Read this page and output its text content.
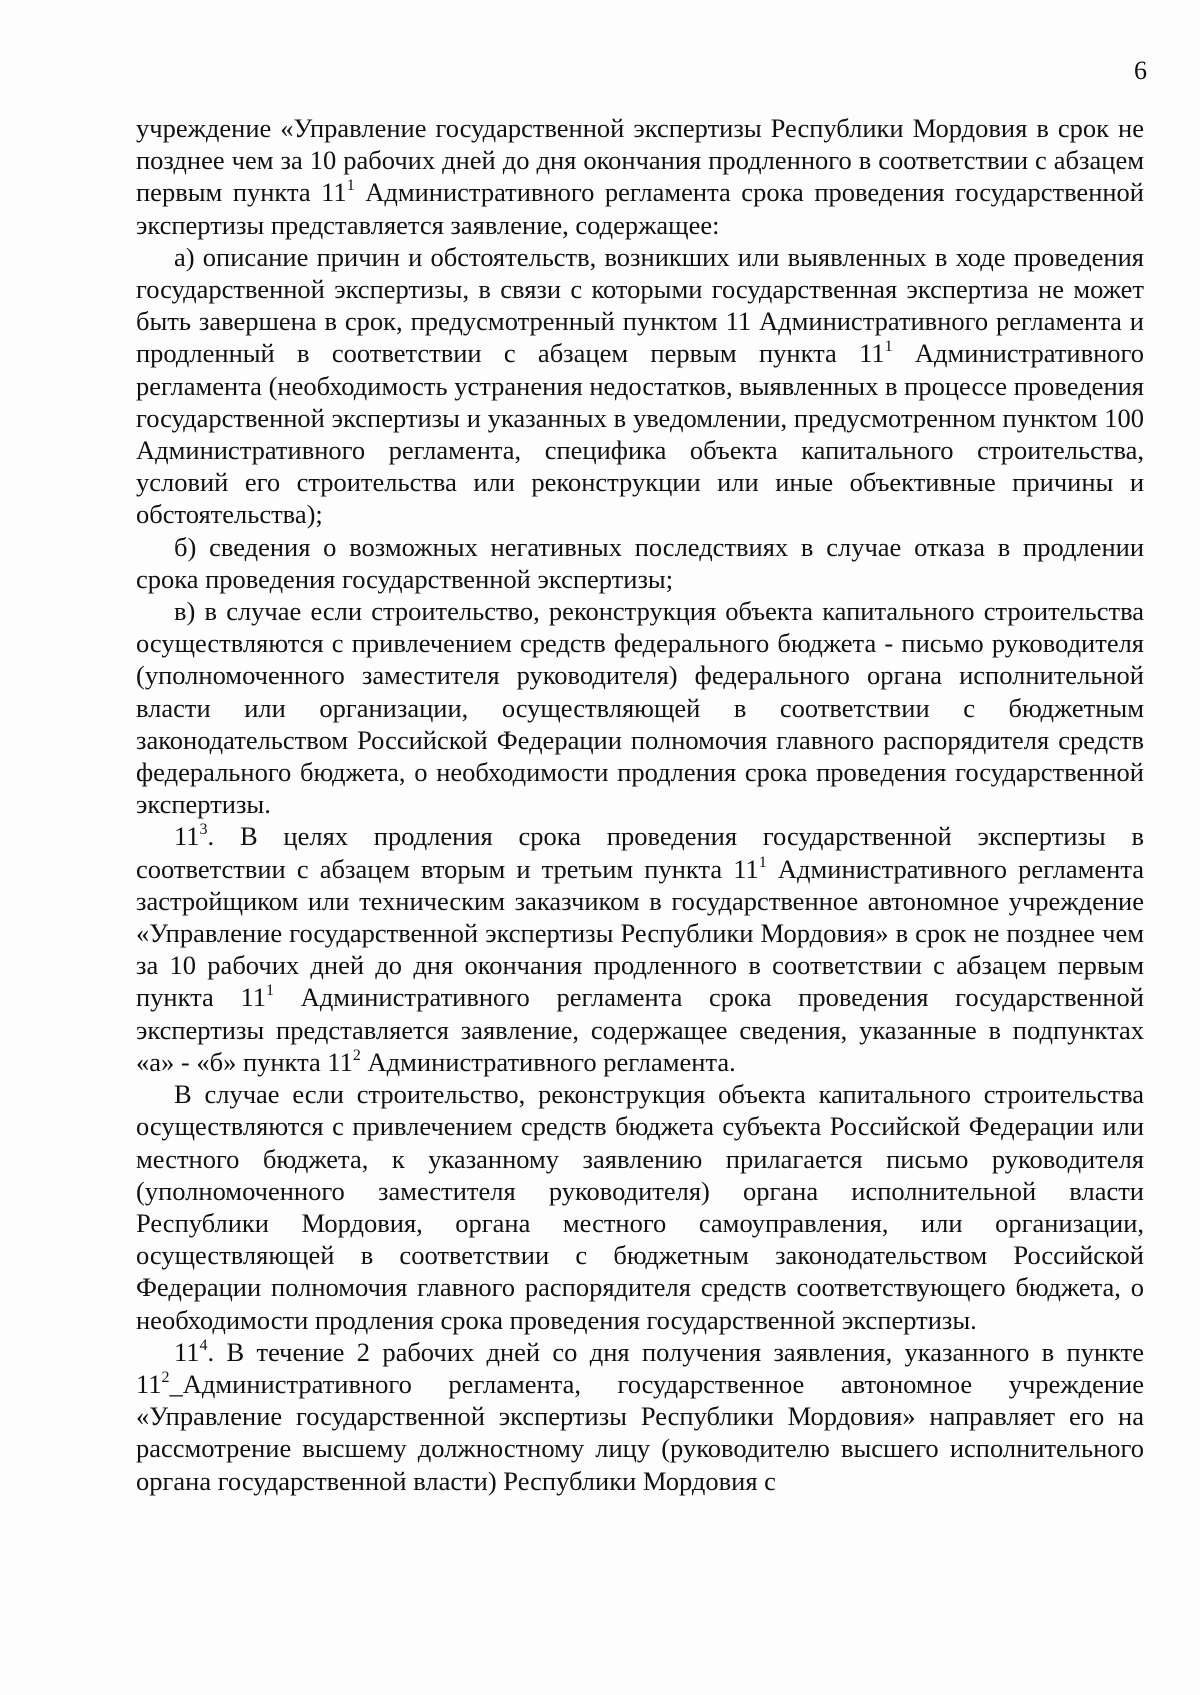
6

учреждение «Управление государственной экспертизы Республики Мордовия в срок не позднее чем за 10 рабочих дней до дня окончания продленного в соответствии с абзацем первым пункта $11^1$ Административного регламента срока проведения государственной экспертизы представляется заявление, содержащее:

а) описание причин и обстоятельств, возникших или выявленных в ходе проведения государственной экспертизы, в связи с которыми государственная экспертиза не может быть завершена в срок, предусмотренный пунктом 11 Административного регламента и продленный в соответствии с абзацем первым пункта $11^1$ Административного регламента (необходимость устранения недостатков, выявленных в процессе проведения государственной экспертизы и указанных в уведомлении, предусмотренном пунктом 100 Административного регламента, специфика объекта капитального строительства, условий его строительства или реконструкции или иные объективные причины и обстоятельства);

б) сведения о возможных негативных последствиях в случае отказа в продлении срока проведения государственной экспертизы;

в) в случае если строительство, реконструкция объекта капитального строительства осуществляются с привлечением средств федерального бюджета - письмо руководителя (уполномоченного заместителя руководителя) федерального органа исполнительной власти или организации, осуществляющей в соответствии с бюджетным законодательством Российской Федерации полномочия главного распорядителя средств федерального бюджета, о необходимости продления срока проведения государственной экспертизы.

$11^3$. В целях продления срока проведения государственной экспертизы в соответствии с абзацем вторым и третьим пункта $11^1$ Административного регламента застройщиком или техническим заказчиком в государственное автономное учреждение «Управление государственной экспертизы Республики Мордовия» в срок не позднее чем за 10 рабочих дней до дня окончания продленного в соответствии с абзацем первым пункта $11^1$ Административного регламента срока проведения государственной экспертизы представляется заявление, содержащее сведения, указанные в подпунктах «а» - «б» пункта $11^2$ Административного регламента.

В случае если строительство, реконструкция объекта капитального строительства осуществляются с привлечением средств бюджета субъекта Российской Федерации или местного бюджета, к указанному заявлению прилагается письмо руководителя (уполномоченного заместителя руководителя) органа исполнительной власти Республики Мордовия, органа местного самоуправления, или организации, осуществляющей в соответствии с бюджетным законодательством Российской Федерации полномочия главного распорядителя средств соответствующего бюджета, о необходимости продления срока проведения государственной экспертизы.

$11^4$. В течение 2 рабочих дней со дня получения заявления, указанного в пункте $11^2\_Административного$ регламента, государственное автономное учреждение «Управление государственной экспертизы Республики Мордовия» направляет его на рассмотрение высшему должностному лицу (руководителю высшего исполнительного органа государственной власти) Республики Мордовия с
